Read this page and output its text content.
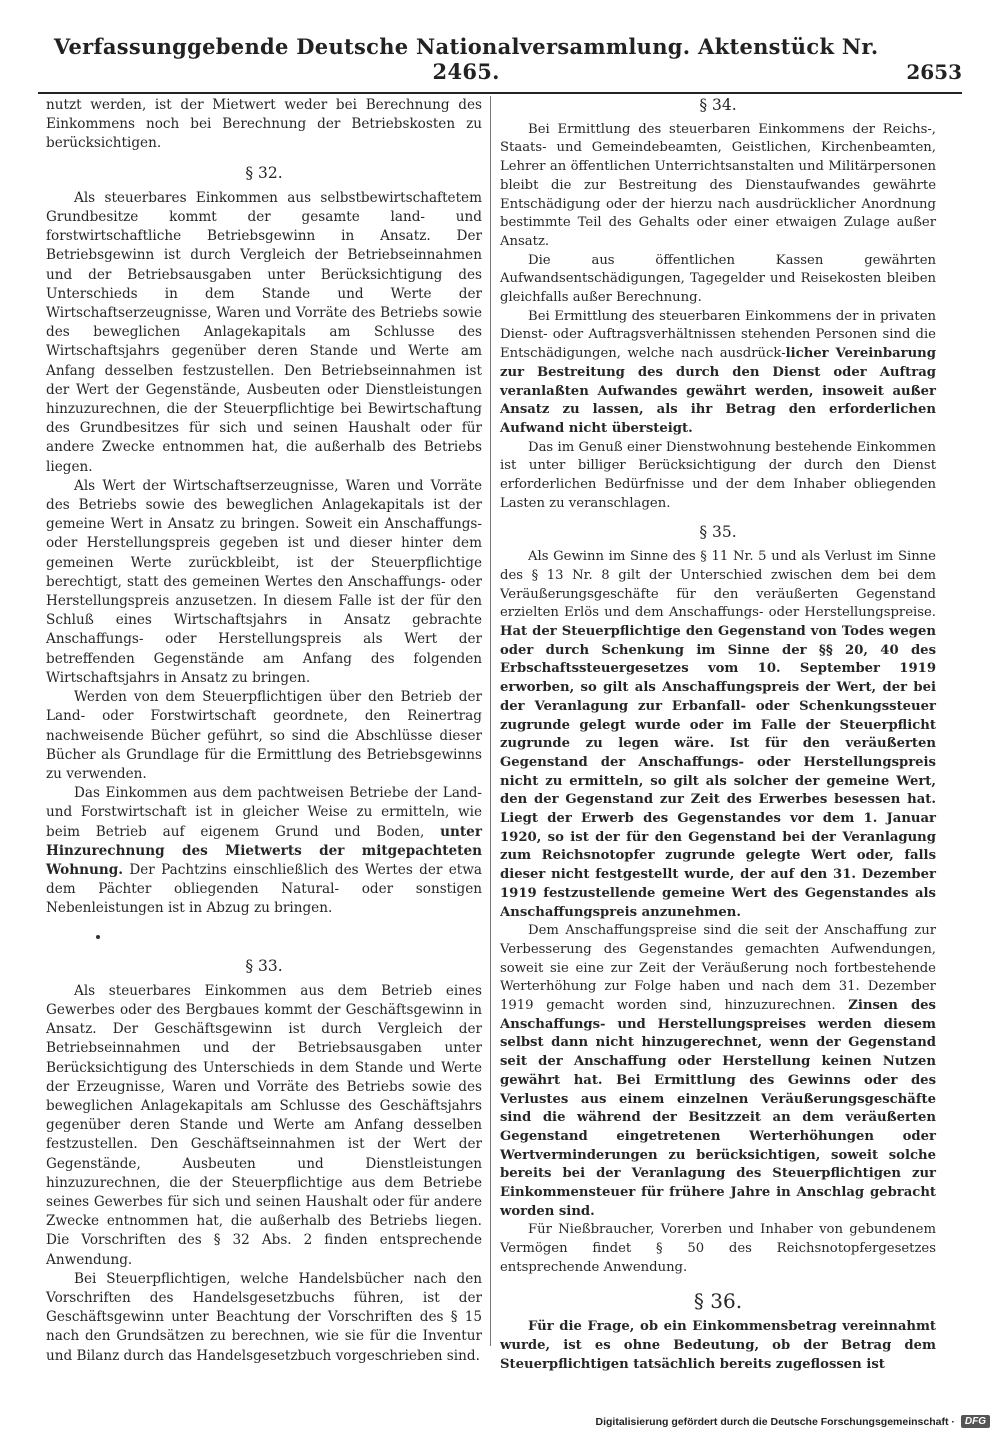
Verfassunggebende Deutsche Nationalversammlung. Aktenstück Nr. 2465.	2653

nutzt werden, ist der Mietwert weder bei Berechnung des Einkommens noch bei Berechnung der Betriebskosten zu berücksichtigen.

§ 32.

Als steuerbares Einkommen aus selbstbewirtschaftetem Grundbesitze kommt der gesamte land- und forstwirtschaftliche Betriebsgewinn in Ansatz. Der Betriebsgewinn ist durch Vergleich der Betriebseinnahmen und der Betriebsausgaben unter Berücksichtigung des Unterschieds in dem Stande und Werte der Wirtschaftserzeugnisse, Waren und Vorräte des Betriebs sowie des beweglichen Anlagekapitals am Schlusse des Wirtschaftsjahrs gegenüber deren Stande und Werte am Anfang desselben festzustellen. Den Betriebseinnahmen ist der Wert der Gegenstände, Ausbeuten oder Dienstleistungen hinzuzurechnen, die der Steuerpflichtige bei Bewirtschaftung des Grundbesitzes für sich und seinen Haushalt oder für andere Zwecke entnommen hat, die außerhalb des Betriebs liegen.

Als Wert der Wirtschaftserzeugnisse, Waren und Vorräte des Betriebs sowie des beweglichen Anlagekapitals ist der gemeine Wert in Ansatz zu bringen. Soweit ein Anschaffungs- oder Herstellungspreis gegeben ist und dieser hinter dem gemeinen Werte zurückbleibt, ist der Steuerpflichtige berechtigt, statt des gemeinen Wertes den Anschaffungs- oder Herstellungspreis anzusetzen. In diesem Falle ist der für den Schluß eines Wirtschaftsjahrs in Ansatz gebrachte Anschaffungs- oder Herstellungspreis als Wert der betreffenden Gegenstände am Anfang des folgenden Wirtschaftsjahrs in Ansatz zu bringen.

Werden von dem Steuerpflichtigen über den Betrieb der Land- oder Forstwirtschaft geordnete, den Reinertrag nachweisende Bücher geführt, so sind die Abschlüsse dieser Bücher als Grundlage für die Ermittlung des Betriebsgewinns zu verwenden.

Das Einkommen aus dem pachtweisen Betriebe der Land- und Forstwirtschaft ist in gleicher Weise zu ermitteln, wie beim Betrieb auf eigenem Grund und Boden, unter Hinzurechnung des Mietwerts der mitgepachteten Wohnung. Der Pachtzins einschließlich des Wertes der etwa dem Pächter obliegenden Natural- oder sonstigen Nebenleistungen ist in Abzug zu bringen.

§ 33.

Als steuerbares Einkommen aus dem Betrieb eines Gewerbes oder des Bergbaues kommt der Geschäftsgewinn in Ansatz. Der Geschäftsgewinn ist durch Vergleich der Betriebseinnahmen und der Betriebsausgaben unter Berücksichtigung des Unterschieds in dem Stande und Werte der Erzeugnisse, Waren und Vorräte des Betriebs sowie des beweglichen Anlagekapitals am Schlusse des Geschäftsjahrs gegenüber deren Stande und Werte am Anfang desselben festzustellen. Den Geschäftseinnahmen ist der Wert der Gegenstände, Ausbeuten und Dienstleistungen hinzuzurechnen, die der Steuerpflichtige aus dem Betriebe seines Gewerbes für sich und seinen Haushalt oder für andere Zwecke entnommen hat, die außerhalb des Betriebs liegen. Die Vorschriften des § 32 Abs. 2 finden entsprechende Anwendung.

Bei Steuerpflichtigen, welche Handelsbücher nach den Vorschriften des Handelsgesetzbuchs führen, ist der Geschäftsgewinn unter Beachtung der Vorschriften des § 15 nach den Grundsätzen zu berechnen, wie sie für die Inventur und Bilanz durch das Handelsgesetzbuch vorgeschrieben sind.

§ 34.

Bei Ermittlung des steuerbaren Einkommens der Reichs-, Staats- und Gemeindebeamten, Geistlichen, Kirchenbeamten, Lehrer an öffentlichen Unterrichtsanstalten und Militärpersonen bleibt die zur Bestreitung des Dienstaufwandes gewährte Entschädigung oder der hierzu nach ausdrücklicher Anordnung bestimmte Teil des Gehalts oder einer etwaigen Zulage außer Ansatz.

Die aus öffentlichen Kassen gewährten Aufwandsentschädigungen, Tagegelder und Reisekosten bleiben gleichfalls außer Berechnung.

Bei Ermittlung des steuerbaren Einkommens der in privaten Dienst- oder Auftragsverhältnissen stehenden Personen sind die Entschädigungen, welche nach ausdrück-licher Vereinbarung zur Bestreitung des durch den Dienst oder Auftrag veranlaßten Aufwandes gewährt werden, insoweit außer Ansatz zu lassen, als ihr Betrag den erforderlichen Aufwand nicht übersteigt.

Das im Genuß einer Dienstwohnung bestehende Einkommen ist unter billiger Berücksichtigung der durch den Dienst erforderlichen Bedürfnisse und der dem Inhaber obliegenden Lasten zu veranschlagen.

§ 35.

Als Gewinn im Sinne des § 11 Nr. 5 und als Verlust im Sinne des § 13 Nr. 8 gilt der Unterschied zwischen dem bei dem Veräußerungsgeschäfte für den veräußerten Gegenstand erzielten Erlös und dem Anschaffungs- oder Herstellungspreise. Hat der Steuerpflichtige den Gegenstand von Todes wegen oder durch Schenkung im Sinne der §§ 20, 40 des Erbschaftssteuergesetzes vom 10. September 1919 erworben, so gilt als Anschaffungspreis der Wert, der bei der Veranlagung zur Erbanfall- oder Schenkungssteuer zugrunde gelegt wurde oder im Falle der Steuerpflicht zugrunde zu legen wäre. Ist für den veräußerten Gegenstand der Anschaffungs- oder Herstellungspreis nicht zu ermitteln, so gilt als solcher der gemeine Wert, den der Gegenstand zur Zeit des Erwerbes besessen hat. Liegt der Erwerb des Gegenstandes vor dem 1. Januar 1920, so ist der für den Gegenstand bei der Veranlagung zum Reichsnotopfer zugrunde gelegte Wert oder, falls dieser nicht festgestellt wurde, der auf den 31. Dezember 1919 festzustellende gemeine Wert des Gegenstandes als Anschaffungspreis anzunehmen.

Dem Anschaffungspreise sind die seit der Anschaffung zur Verbesserung des Gegenstandes gemachten Aufwendungen, soweit sie eine zur Zeit der Veräußerung noch fortbestehende Werterhöhung zur Folge haben und nach dem 31. Dezember 1919 gemacht worden sind, hinzuzurechnen. Zinsen des Anschaffungs- und Herstellungspreises werden diesem selbst dann nicht hinzugerechnet, wenn der Gegenstand seit der Anschaffung oder Herstellung keinen Nutzen gewährt hat. Bei Ermittlung des Gewinns oder des Verlustes aus einem einzelnen Veräußerungsgeschäfte sind die während der Besitzzeit an dem veräußerten Gegenstand eingetretenen Werterhöhungen oder Wertverminderungen zu berücksichtigen, soweit solche bereits bei der Veranlagung des Steuerpflichtigen zur Einkommensteuer für frühere Jahre in Anschlag gebracht worden sind.

Für Nießbraucher, Vorerben und Inhaber von gebundenem Vermögen findet § 50 des Reichsnotopfergesetzes entsprechende Anwendung.

§ 36.

Für die Frage, ob ein Einkommensbetrag vereinnahmt wurde, ist es ohne Bedeutung, ob der Betrag dem Steuerpflichtigen tatsächlich bereits zugeflossen ist

Digitalisierung gefördert durch die Deutsche Forschungsgemeinschaft ·	DFG
